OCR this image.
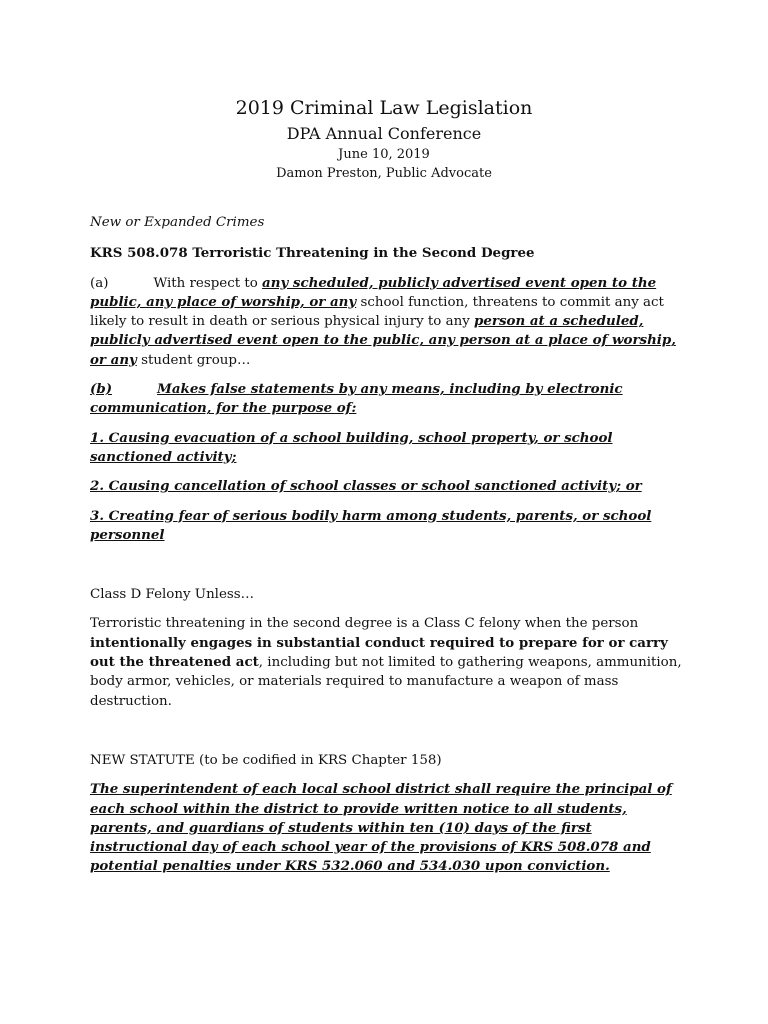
2019 Criminal Law Legislation
DPA Annual Conference
June 10, 2019
Damon Preston, Public Advocate

New or Expanded Crimes

KRS 508.078 Terroristic Threatening in the Second Degree

(a)	With respect to any scheduled, publicly advertised event open to the public, any place of worship, or any school function, threatens to commit any act likely to result in death or serious physical injury to any person at a scheduled, publicly advertised event open to the public, any person at a place of worship, or any student group…

(b)	Makes false statements by any means, including by electronic communication, for the purpose of:

1. Causing evacuation of a school building, school property, or school sanctioned activity;

2. Causing cancellation of school classes or school sanctioned activity; or

3. Creating fear of serious bodily harm among students, parents, or school personnel

Class D Felony Unless…

Terroristic threatening in the second degree is a Class C felony when the person intentionally engages in substantial conduct required to prepare for or carry out the threatened act, including but not limited to gathering weapons, ammunition, body armor, vehicles, or materials required to manufacture a weapon of mass destruction.

NEW STATUTE (to be codified in KRS Chapter 158)

The superintendent of each local school district shall require the principal of each school within the district to provide written notice to all students, parents, and guardians of students within ten (10) days of the first instructional day of each school year of the provisions of KRS 508.078 and potential penalties under KRS 532.060 and 534.030 upon conviction.
